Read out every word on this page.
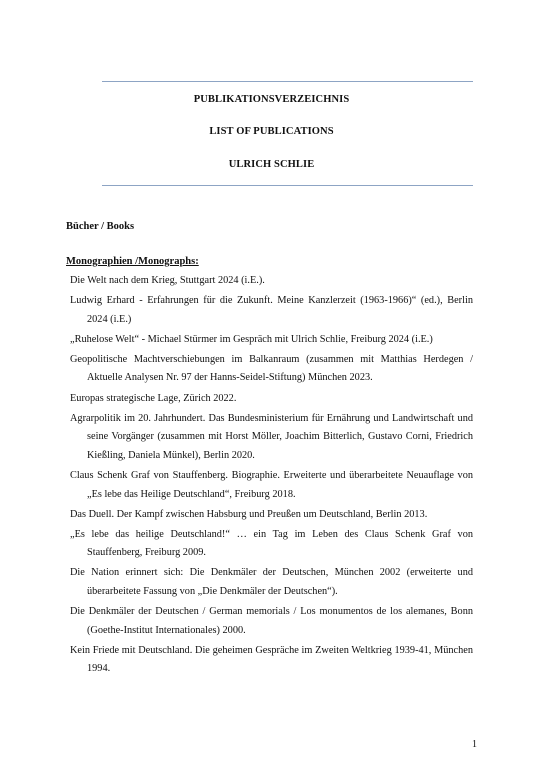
PUBLIKATIONSVERZEICHNIS
LIST OF PUBLICATIONS
ULRICH SCHLIE
Bücher / Books
Monographien /Monographs:

Die Welt nach dem Krieg, Stuttgart 2024 (i.E.).

Ludwig Erhard - Erfahrungen für die Zukunft. Meine Kanzlerzeit (1963-1966)“ (ed.), Berlin 2024 (i.E.)

„Ruhelose Welt“ - Michael Stürmer im Gespräch mit Ulrich Schlie, Freiburg 2024 (i.E.)

Geopolitische Machtverschiebungen im Balkanraum (zusammen mit Matthias Herdegen / Aktuelle Analysen Nr. 97 der Hanns-Seidel-Stiftung) München 2023.

Europas strategische Lage, Zürich 2022.

Agrarpolitik im 20. Jahrhundert. Das Bundesministerium für Ernährung und Landwirtschaft und seine Vorgänger (zusammen mit Horst Möller, Joachim Bitterlich, Gustavo Corni, Friedrich Kießling, Daniela Münkel), Berlin 2020.

Claus Schenk Graf von Stauffenberg. Biographie. Erweiterte und überarbeitete Neuauflage von „Es lebe das Heilige Deutschland“, Freiburg 2018.

Das Duell. Der Kampf zwischen Habsburg und Preußen um Deutschland, Berlin 2013.

„Es lebe das heilige Deutschland!“ … ein Tag im Leben des Claus Schenk Graf von Stauffenberg, Freiburg 2009.

Die Nation erinnert sich: Die Denkmäler der Deutschen, München 2002 (erweiterte und überarbeitete Fassung von „Die Denkmäler der Deutschen“).

Die Denkmäler der Deutschen / German memorials / Los monumentos de los alemanes, Bonn (Goethe-Institut Internationales) 2000.

Kein Friede mit Deutschland. Die geheimen Gespräche im Zweiten Weltkrieg 1939-41, München 1994.

1
